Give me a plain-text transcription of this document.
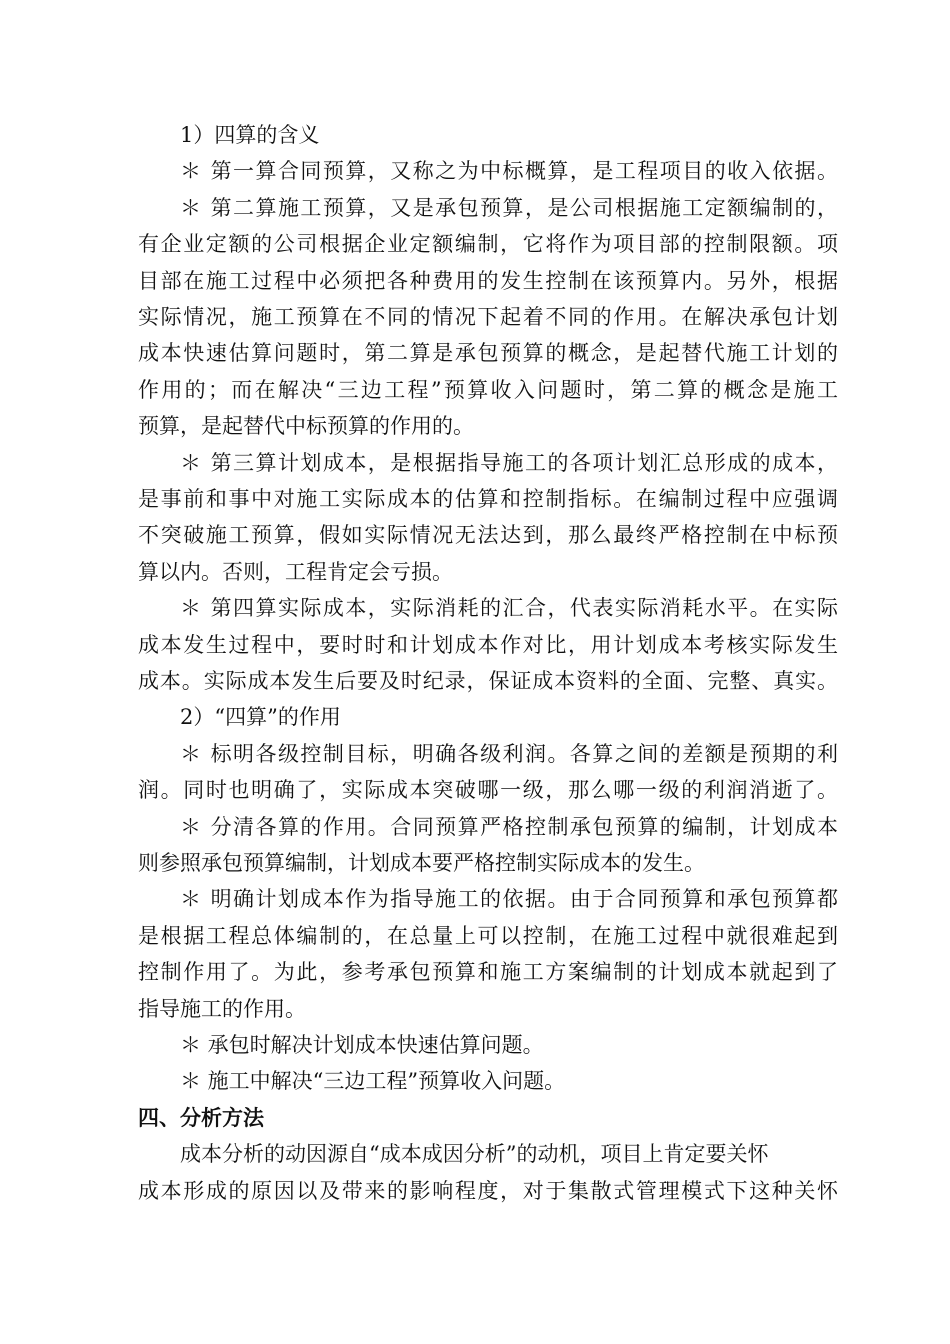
1）四算的含义
＊ 第一算合同预算，又称之为中标概算，是工程项目的收入依据。
＊ 第二算施工预算，又是承包预算，是公司根据施工定额编制的，
有企业定额的公司根据企业定额编制，它将作为项目部的控制限额。项
目部在施工过程中必须把各种费用的发生控制在该预算内。另外，根据
实际情况，施工预算在不同的情况下起着不同的作用。在解决承包计划
成本快速估算问题时，第二算是承包预算的概念，是起替代施工计划的
作用的；而在解决“三边工程”预算收入问题时，第二算的概念是施工
预算，是起替代中标预算的作用的。
＊ 第三算计划成本，是根据指导施工的各项计划汇总形成的成本，
是事前和事中对施工实际成本的估算和控制指标。在编制过程中应强调
不突破施工预算，假如实际情况无法达到，那么最终严格控制在中标预
算以内。否则，工程肯定会亏损。
＊ 第四算实际成本，实际消耗的汇合，代表实际消耗水平。在实际
成本发生过程中，要时时和计划成本作对比，用计划成本考核实际发生
成本。实际成本发生后要及时纪录，保证成本资料的全面、完整、真实。
2）“四算”的作用
＊ 标明各级控制目标，明确各级利润。各算之间的差额是预期的利
润。同时也明确了，实际成本突破哪一级，那么哪一级的利润消逝了。
＊ 分清各算的作用。合同预算严格控制承包预算的编制，计划成本
则参照承包预算编制，计划成本要严格控制实际成本的发生。
＊ 明确计划成本作为指导施工的依据。由于合同预算和承包预算都
是根据工程总体编制的，在总量上可以控制，在施工过程中就很难起到
控制作用了。为此，参考承包预算和施工方案编制的计划成本就起到了
指导施工的作用。
＊ 承包时解决计划成本快速估算问题。
＊ 施工中解决“三边工程”预算收入问题。
四、分析方法
成本分析的动因源自“成本成因分析”的动机，项目上肯定要关怀
成本形成的原因以及带来的影响程度，对于集散式管理模式下这种关怀
